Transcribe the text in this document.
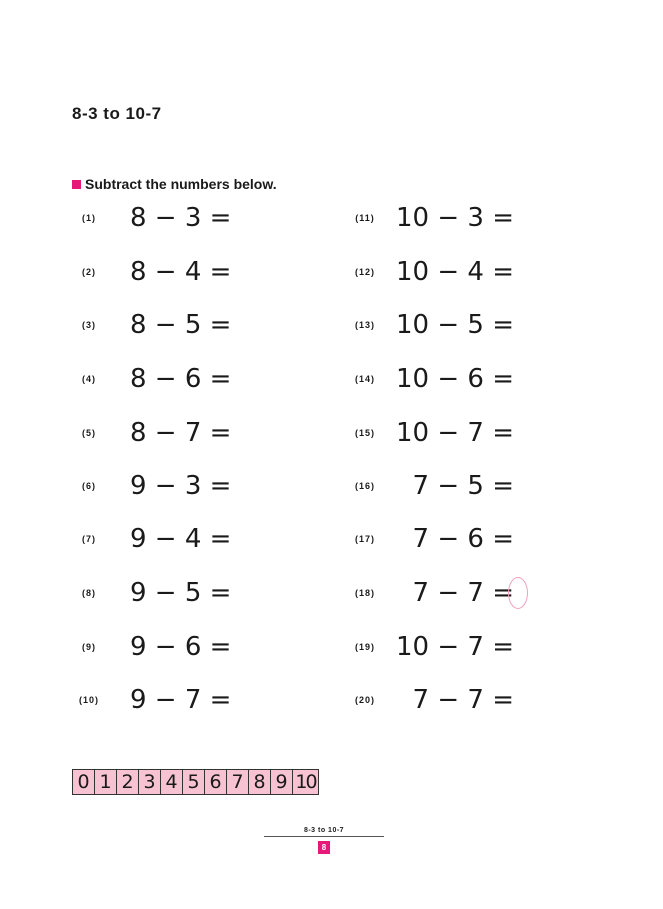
8-3 to 10-7
Subtract the numbers below.
(1)	8 − 3 =
(2)	8 − 4 =
(3)	8 − 5 =
(4)	8 − 6 =
(5)	8 − 7 =
(6)	9 − 3 =
(7)	9 − 4 =
(8)	9 − 5 =
(9)	9 − 6 =
(10)	9 − 7 =
(11) 10 − 3 =
(12) 10 − 4 =
(13) 10 − 5 =
(14) 10 − 6 =
(15) 10 − 7 =
(16) 7 − 5 =
(17) 7 − 6 =
(18) 7 − 7 =
(19) 10 − 7 =
(20) 7 − 7 =
0 1 2 3 4 5 6 7 8 9 10
8-3 to 10-7
8
